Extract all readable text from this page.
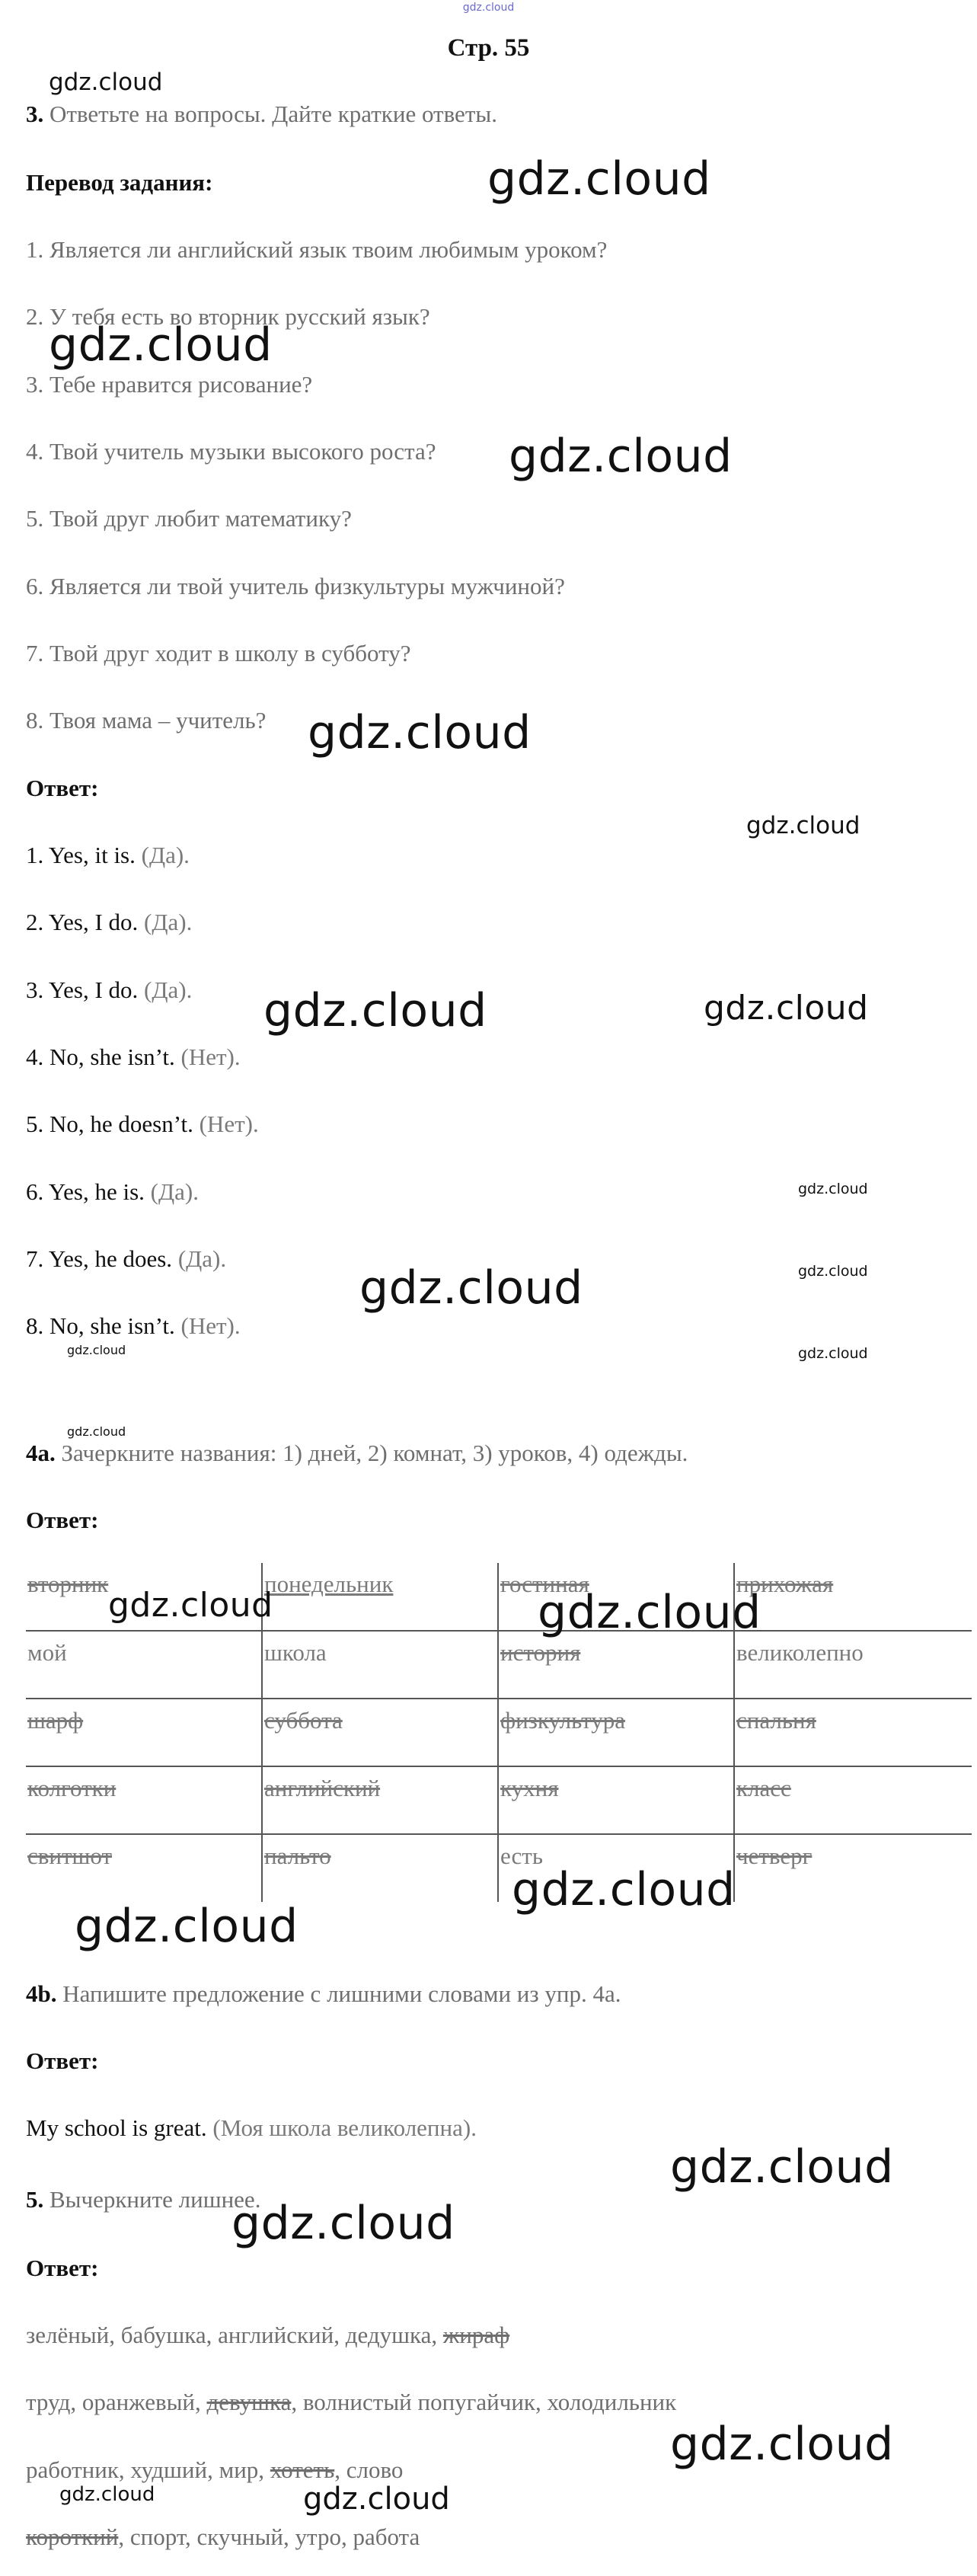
gdz.cloud
Стр. 55
3. Ответьте на вопросы. Дайте краткие ответы.
Перевод задания:
1. Является ли английский язык твоим любимым уроком?
2. У тебя есть во вторник русский язык?
3. Тебе нравится рисование?
4. Твой учитель музыки высокого роста?
5. Твой друг любит математику?
6. Является ли твой учитель физкультуры мужчиной?
7. Твой друг ходит в школу в субботу?
8. Твоя мама – учитель?
Ответ:
1. Yes, it is. (Да).
2. Yes, I do. (Да).
3. Yes, I do. (Да).
4. No, she isn’t. (Нет).
5. No, he doesn’t. (Нет).
6. Yes, he is. (Да).
7. Yes, he does. (Да).
8. No, she isn’t. (Нет).
4a. Зачеркните названия: 1) дней, 2) комнат, 3) уроков, 4) одежды.
Ответ:
вторник	понедельник	гостиная	прихожая
мой	школа	история	великолепно
шарф	суббота	физкультура	спальня
колготки	английский	кухня	класс
свитшот	пальто	есть	четверг
4b. Напишите предложение с лишними словами из упр. 4а.
Ответ:
My school is great. (Моя школа великолепна).
5. Вычеркните лишнее.
Ответ:
зелёный, бабушка, английский, дедушка, жираф
труд, оранжевый, девушка, волнистый попугайчик, холодильник
работник, худший, мир, хотеть, слово
короткий, спорт, скучный, утро, работа
gdz.cloud
gdz.cloud
gdz.cloud
gdz.cloud
gdz.cloud
gdz.cloud
gdz.cloud	gdz.cloud
gdz.cloud
gdz.cloud
gdz.cloud
gdz.cloud	gdz.cloud
gdz.cloud
gdz.cloud	gdz.cloud
gdz.cloud
gdz.cloud
gdz.cloud
gdz.cloud
gdz.cloud
gdz.cloud	gdz.cloud
